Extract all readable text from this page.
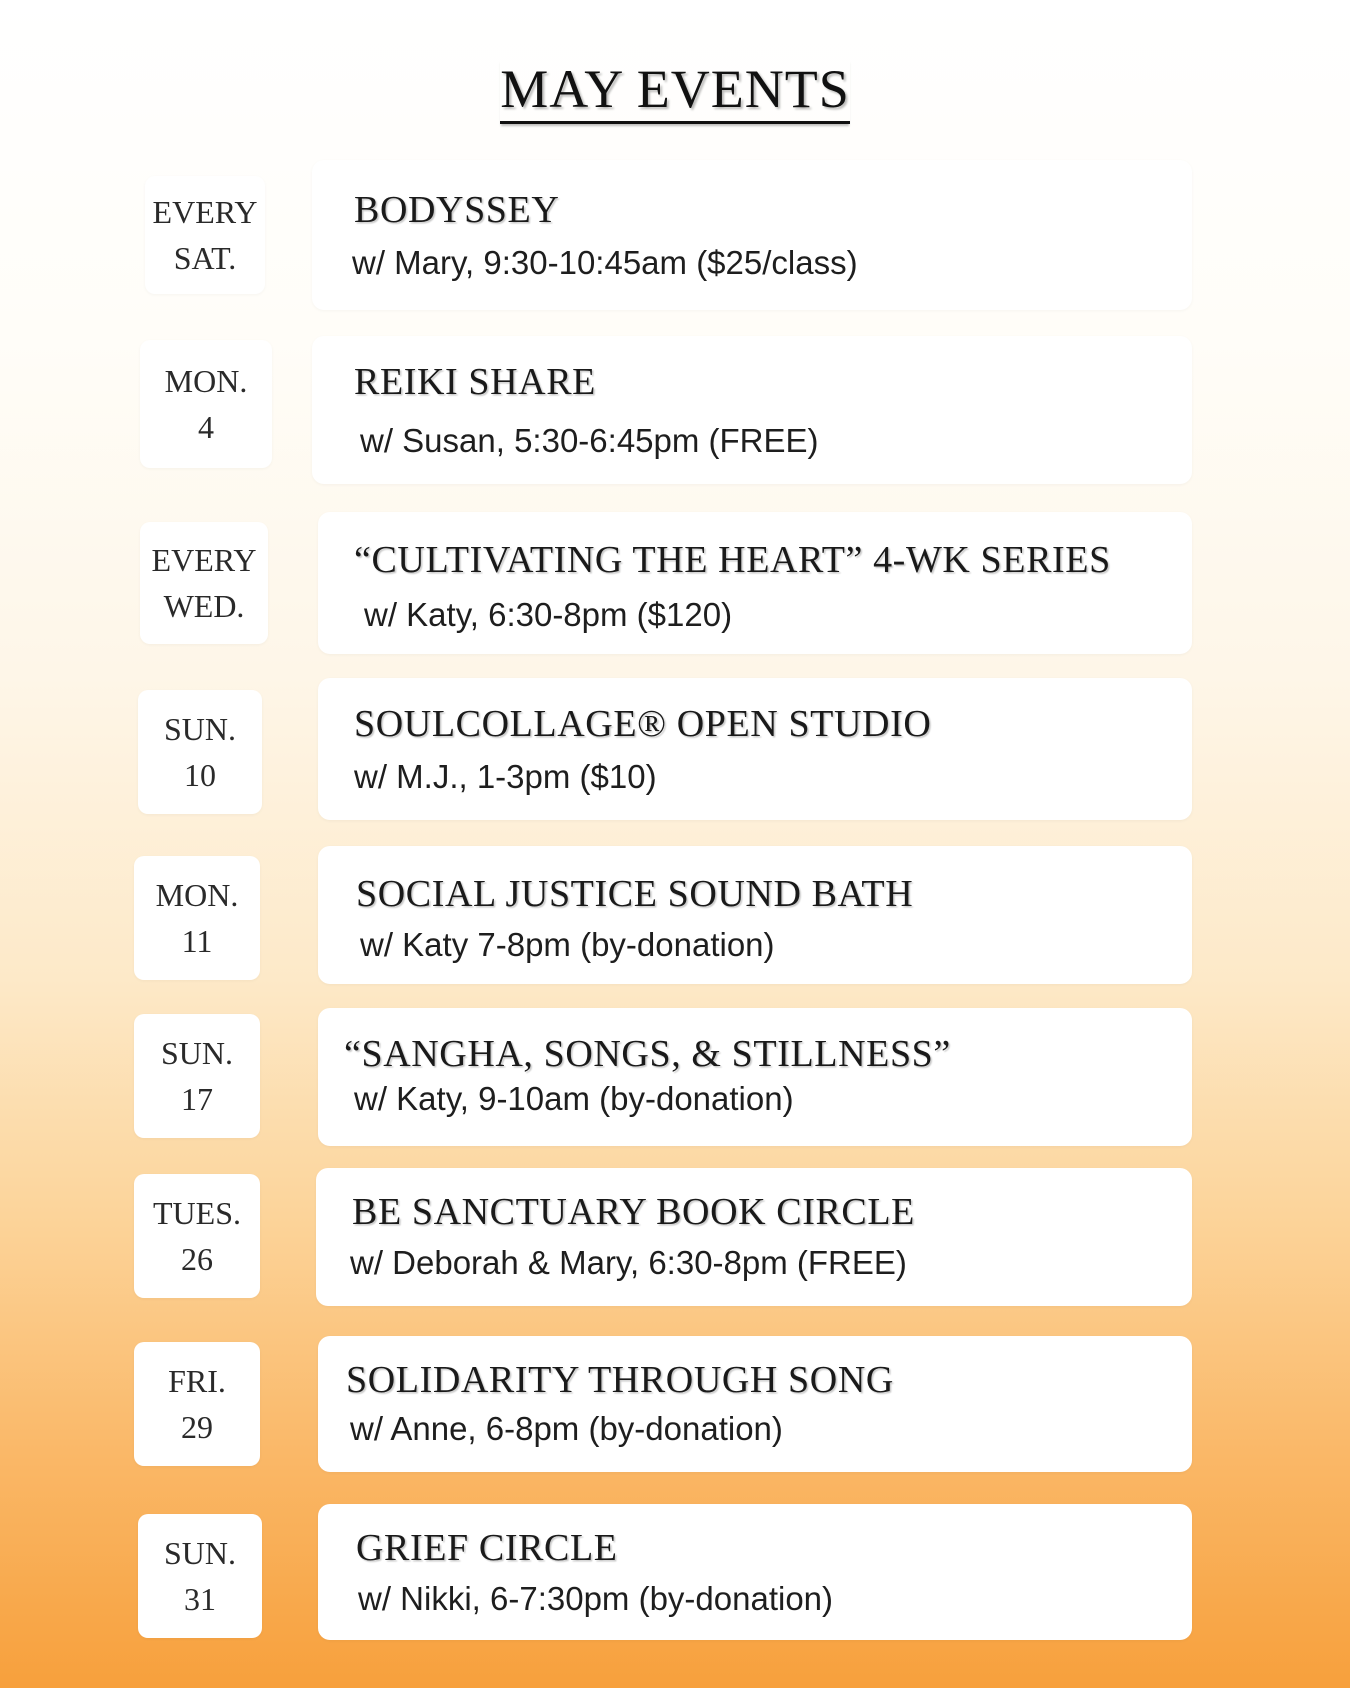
MAY EVENTS
EVERY
SAT.
BODYSSEY
w/ Mary, 9:30-10:45am ($25/class)
MON.
4
REIKI SHARE
w/ Susan, 5:30-6:45pm (FREE)
EVERY
WED.
“CULTIVATING THE HEART” 4-WK SERIES
w/ Katy, 6:30-8pm ($120)
SUN.
10
SOULCOLLAGE® OPEN STUDIO
w/ M.J., 1-3pm ($10)
MON.
11
SOCIAL JUSTICE SOUND BATH
w/ Katy 7-8pm (by-donation)
SUN.
17
“SANGHA, SONGS, & STILLNESS”
w/ Katy, 9-10am (by-donation)
TUES.
26
BE SANCTUARY BOOK CIRCLE
w/ Deborah & Mary, 6:30-8pm (FREE)
FRI.
29
SOLIDARITY THROUGH SONG
w/ Anne, 6-8pm (by-donation)
SUN.
31
GRIEF CIRCLE
w/ Nikki, 6-7:30pm (by-donation)
